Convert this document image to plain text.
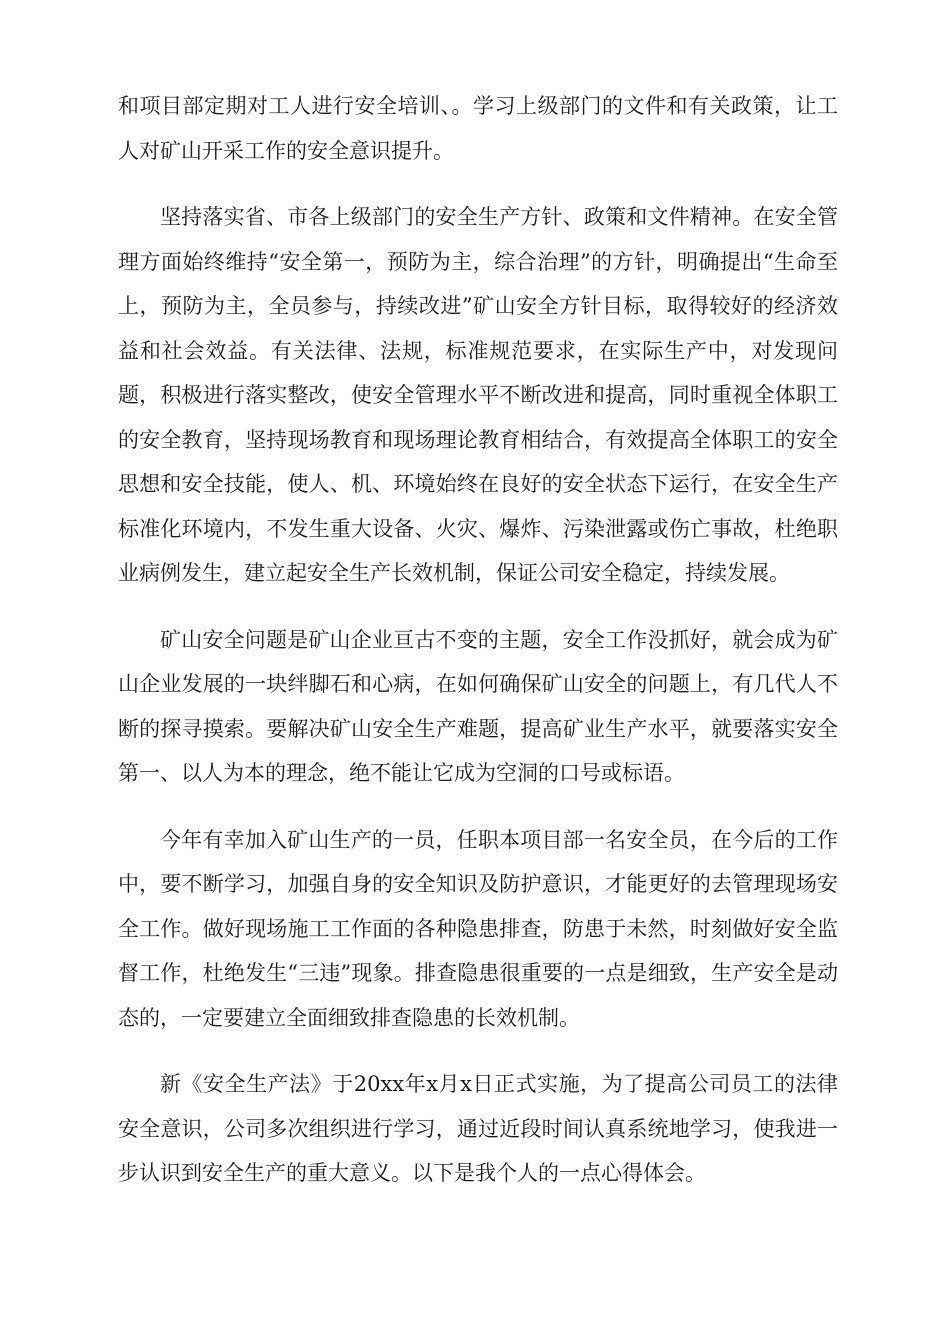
和项目部定期对工人进行安全培训、。学习上级部门的文件和有关政策，让工人对矿山开采工作的安全意识提升。

坚持落实省、市各上级部门的安全生产方针、政策和文件精神。在安全管理方面始终维持“安全第一，预防为主，综合治理”的方针，明确提出“生命至上，预防为主，全员参与，持续改进”矿山安全方针目标，取得较好的经济效益和社会效益。有关法律、法规，标准规范要求，在实际生产中，对发现问题，积极进行落实整改，使安全管理水平不断改进和提高，同时重视全体职工的安全教育，坚持现场教育和现场理论教育相结合，有效提高全体职工的安全思想和安全技能，使人、机、环境始终在良好的安全状态下运行，在安全生产标准化环境内，不发生重大设备、火灾、爆炸、污染泄露或伤亡事故，杜绝职业病例发生，建立起安全生产长效机制，保证公司安全稳定，持续发展。

矿山安全问题是矿山企业亘古不变的主题，安全工作没抓好，就会成为矿山企业发展的一块绊脚石和心病，在如何确保矿山安全的问题上，有几代人不断的探寻摸索。要解决矿山安全生产难题，提高矿业生产水平，就要落实安全第一、以人为本的理念，绝不能让它成为空洞的口号或标语。

今年有幸加入矿山生产的一员，任职本项目部一名安全员，在今后的工作中，要不断学习，加强自身的安全知识及防护意识，才能更好的去管理现场安全工作。做好现场施工工作面的各种隐患排查，防患于未然，时刻做好安全监督工作，杜绝发生“三违”现象。排查隐患很重要的一点是细致，生产安全是动态的，一定要建立全面细致排查隐患的长效机制。

新《安全生产法》于20xx年x月x日正式实施，为了提高公司员工的法律安全意识，公司多次组织进行学习，通过近段时间认真系统地学习，使我进一步认识到安全生产的重大意义。以下是我个人的一点心得体会。
